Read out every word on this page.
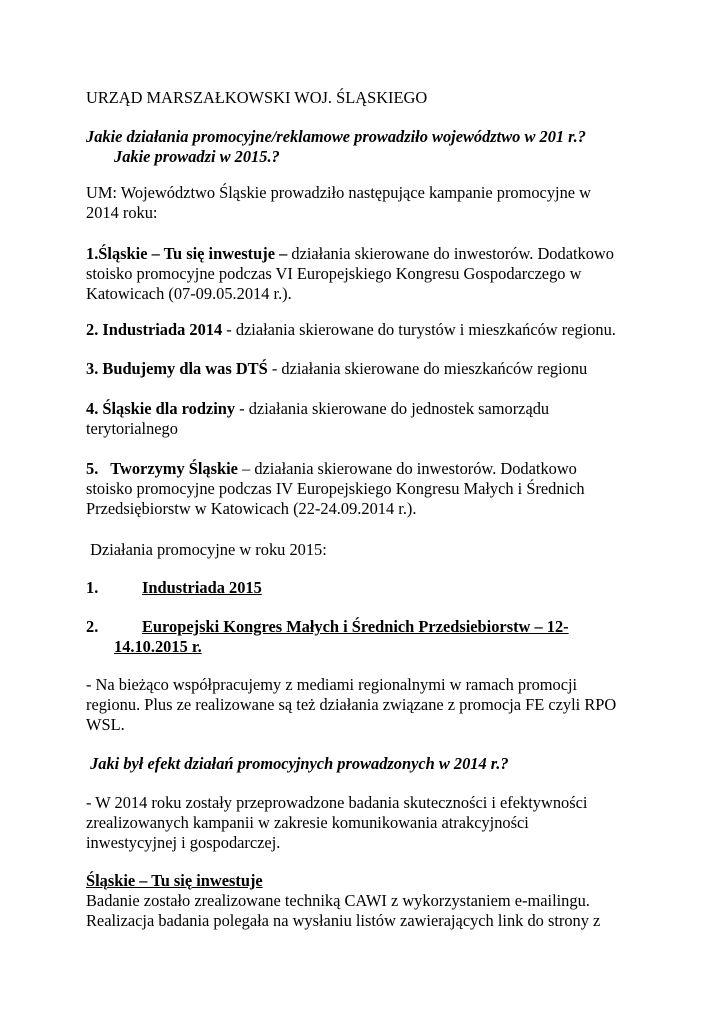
URZĄD MARSZAŁKOWSKI WOJ. ŚLĄSKIEGO

Jakie działania promocyjne/reklamowe prowadziło województwo w 201 r.?
Jakie prowadzi w 2015.?

UM: Województwo Śląskie prowadziło następujące kampanie promocyjne w
2014 roku:

1.Śląskie – Tu się inwestuje – działania skierowane do inwestorów. Dodatkowo
stoisko promocyjne podczas VI Europejskiego Kongresu Gospodarczego w
Katowicach (07-09.05.2014 r.).

2. Industriada 2014 - działania skierowane do turystów i mieszkańców regionu.

3. Budujemy dla was DTŚ - działania skierowane do mieszkańców regionu

4. Śląskie dla rodziny - działania skierowane do jednostek samorządu
terytorialnego

5.   Tworzymy Śląskie – działania skierowane do inwestorów. Dodatkowo
stoisko promocyjne podczas IV Europejskiego Kongresu Małych i Średnich
Przedsiębiorstw w Katowicach (22-24.09.2014 r.).

Działania promocyjne w roku 2015:

1.	Industriada 2015

2.	Europejski Kongres Małych i Średnich Przedsiebiorstw – 12-

14.10.2015 r.

- Na bieżąco współpracujemy z mediami regionalnymi w ramach promocji
regionu. Plus ze realizowane są też działania związane z promocja FE czyli RPO
WSL.

Jaki był efekt działań promocyjnych prowadzonych w 2014 r.?

- W 2014 roku zostały przeprowadzone badania skuteczności i efektywności
zrealizowanych kampanii w zakresie komunikowania atrakcyjności
inwestycyjnej i gospodarczej.

Śląskie – Tu się inwestuje
Badanie zostało zrealizowane techniką CAWI z wykorzystaniem e-mailingu.
Realizacja badania polegała na wysłaniu listów zawierających link do strony z
